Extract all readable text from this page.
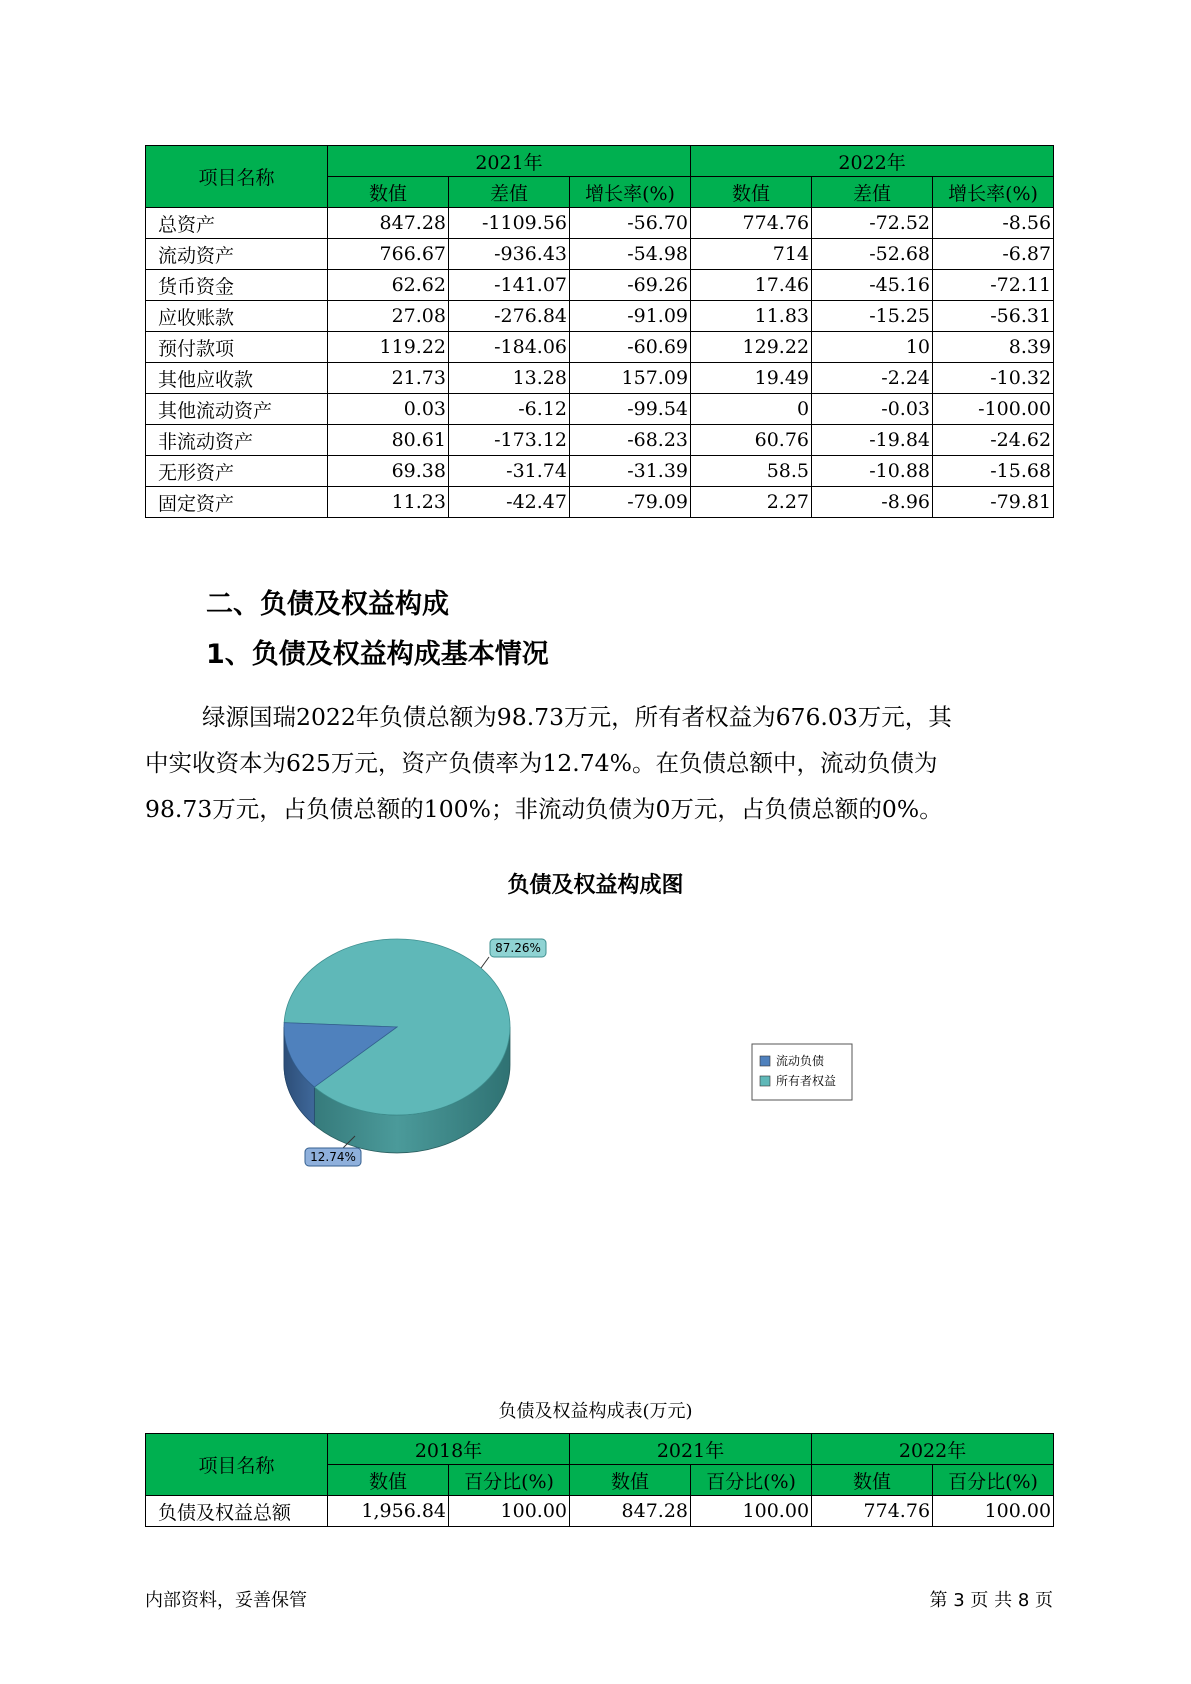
项目名称	2021年			2022年		
	数值	差值	增长率(%)	数值	差值	增长率(%)
总资产	847.28	-1109.56	-56.70	774.76	-72.52	-8.56
流动资产	766.67	-936.43	-54.98	714	-52.68	-6.87
货币资金	62.62	-141.07	-69.26	17.46	-45.16	-72.11
应收账款	27.08	-276.84	-91.09	11.83	-15.25	-56.31
预付款项	119.22	-184.06	-60.69	129.22	10	8.39
其他应收款	21.73	13.28	157.09	19.49	-2.24	-10.32
其他流动资产	0.03	-6.12	-99.54	0	-0.03	-100.00
非流动资产	80.61	-173.12	-68.23	60.76	-19.84	-24.62
无形资产	69.38	-31.74	-31.39	58.5	-10.88	-15.68
固定资产	11.23	-42.47	-79.09	2.27	-8.96	-79.81
二、负债及权益构成
1、负债及权益构成基本情况

绿源国瑞2022年负债总额为98.73万元，所有者权益为676.03万元，其

中实收资本为625万元，资产负债率为12.74%。在负债总额中，流动负债为

98.73万元，占负债总额的100%；非流动负债为0万元，占负债总额的0%。

负债及权益构成图
87.26%
12.74%
流动负债
所有者权益
负债及权益构成表(万元)
项目名称	2018年		2021年		2022年	
	数值	百分比(%)	数值	百分比(%)	数值	百分比(%)
负债及权益总额	1,956.84	100.00	847.28	100.00	774.76	100.00
内部资料，妥善保管	第 3 页 共 8 页
